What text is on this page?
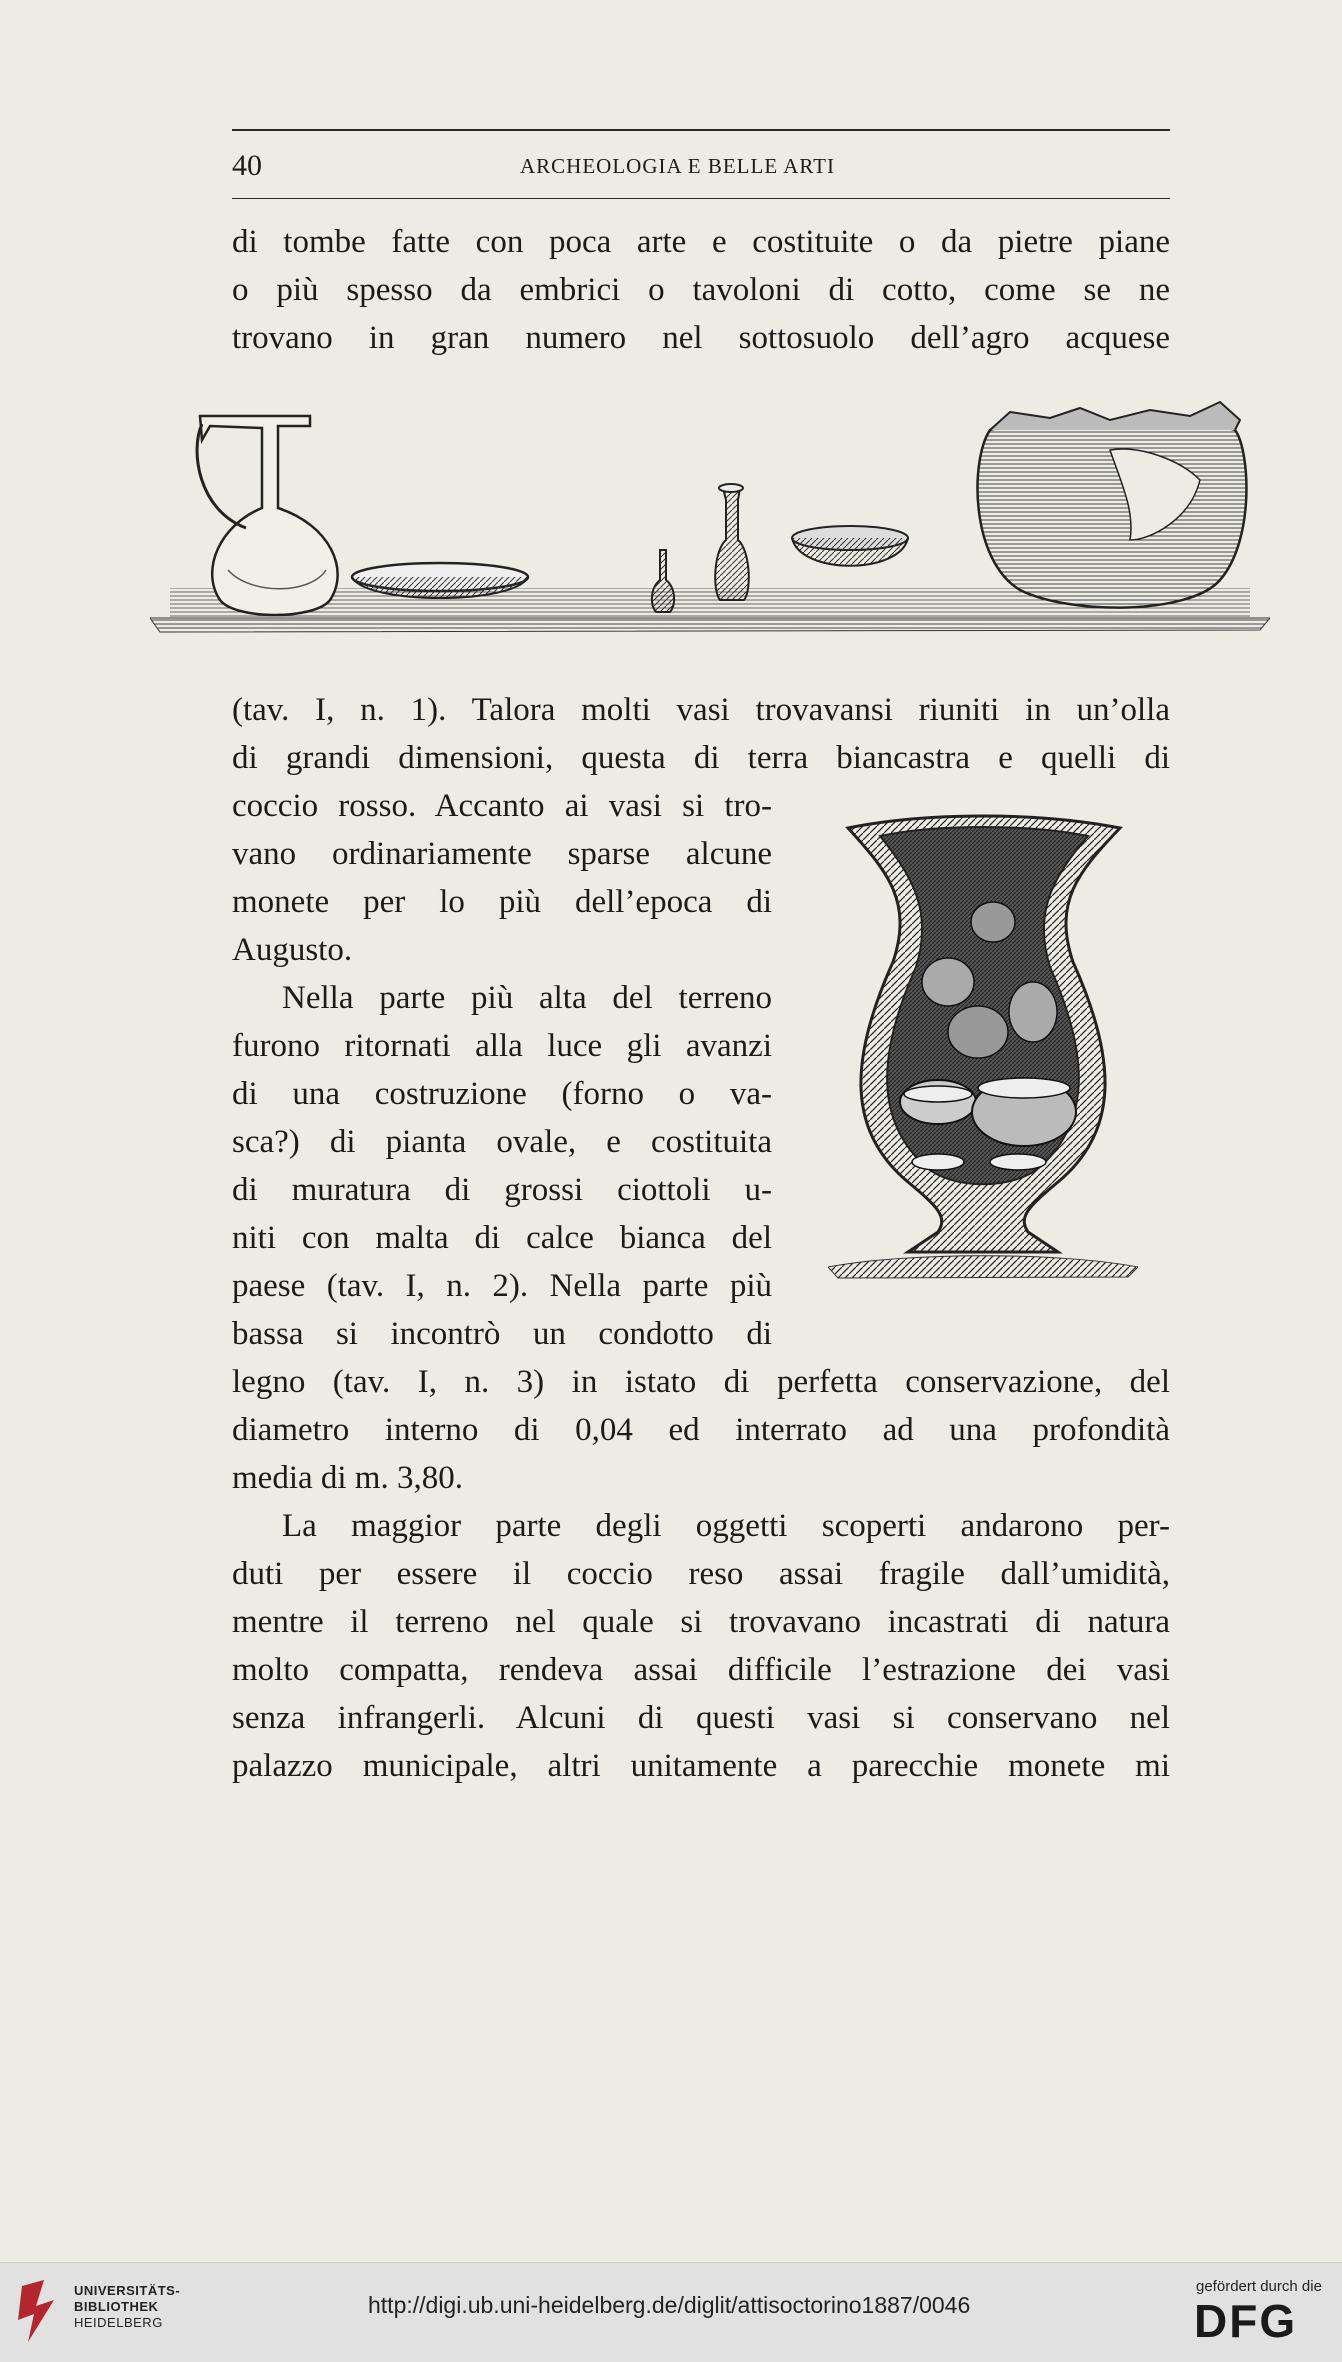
40	ARCHEOLOGIA E BELLE ARTI
di tombe fatte con poca arte e costituite o da pietre piane
o più spesso da embrici o tavoloni di cotto, come se ne
trovano in gran numero nel sottosuolo dell’agro acquese
(tav. I, n. 1). Talora molti vasi trovavansi riuniti in un’olla
di grandi dimensioni, questa di terra biancastra e quelli di
coccio rosso. Accanto ai vasi si tro-
vano ordinariamente sparse alcune
monete per lo più dell’epoca di
Augusto.
Nella parte più alta del terreno
furono ritornati alla luce gli avanzi
di una costruzione (forno o va-
sca?) di pianta ovale, e costituita
di muratura di grossi ciottoli u-
niti con malta di calce bianca del
paese (tav. I, n. 2). Nella parte più
bassa si incontrò un condotto di
legno (tav. I, n. 3) in istato di perfetta conservazione, del
diametro interno di 0,04 ed interrato ad una profondità
media di m. 3,80.
La maggior parte degli oggetti scoperti andarono per-
duti per essere il coccio reso assai fragile dall’umidità,
mentre il terreno nel quale si trovavano incastrati di natura
molto compatta, rendeva assai difficile l’estrazione dei vasi
senza infrangerli. Alcuni di questi vasi si conservano nel
palazzo municipale, altri unitamente a parecchie monete mi
UNIVERSITÄTS-
BIBLIOTHEK
HEIDELBERG
http://digi.ub.uni-heidelberg.de/diglit/attisoctorino1887/0046
gefördert durch die
DFG
